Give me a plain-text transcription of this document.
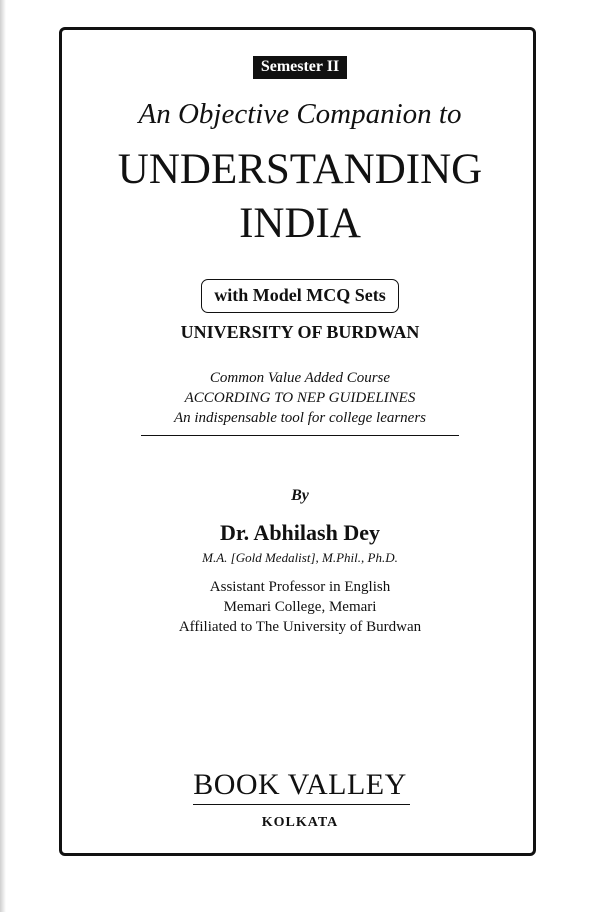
Semester II
An Objective Companion to
UNDERSTANDING
INDIA
with Model MCQ Sets
UNIVERSITY OF BURDWAN
Common Value Added Course
ACCORDING TO NEP GUIDELINES
An indispensable tool for college learners
By
Dr. Abhilash Dey
M.A. [Gold Medalist], M.Phil., Ph.D.
Assistant Professor in English
Memari College, Memari
Affiliated to The University of Burdwan
BOOK VALLEY
KOLKATA
